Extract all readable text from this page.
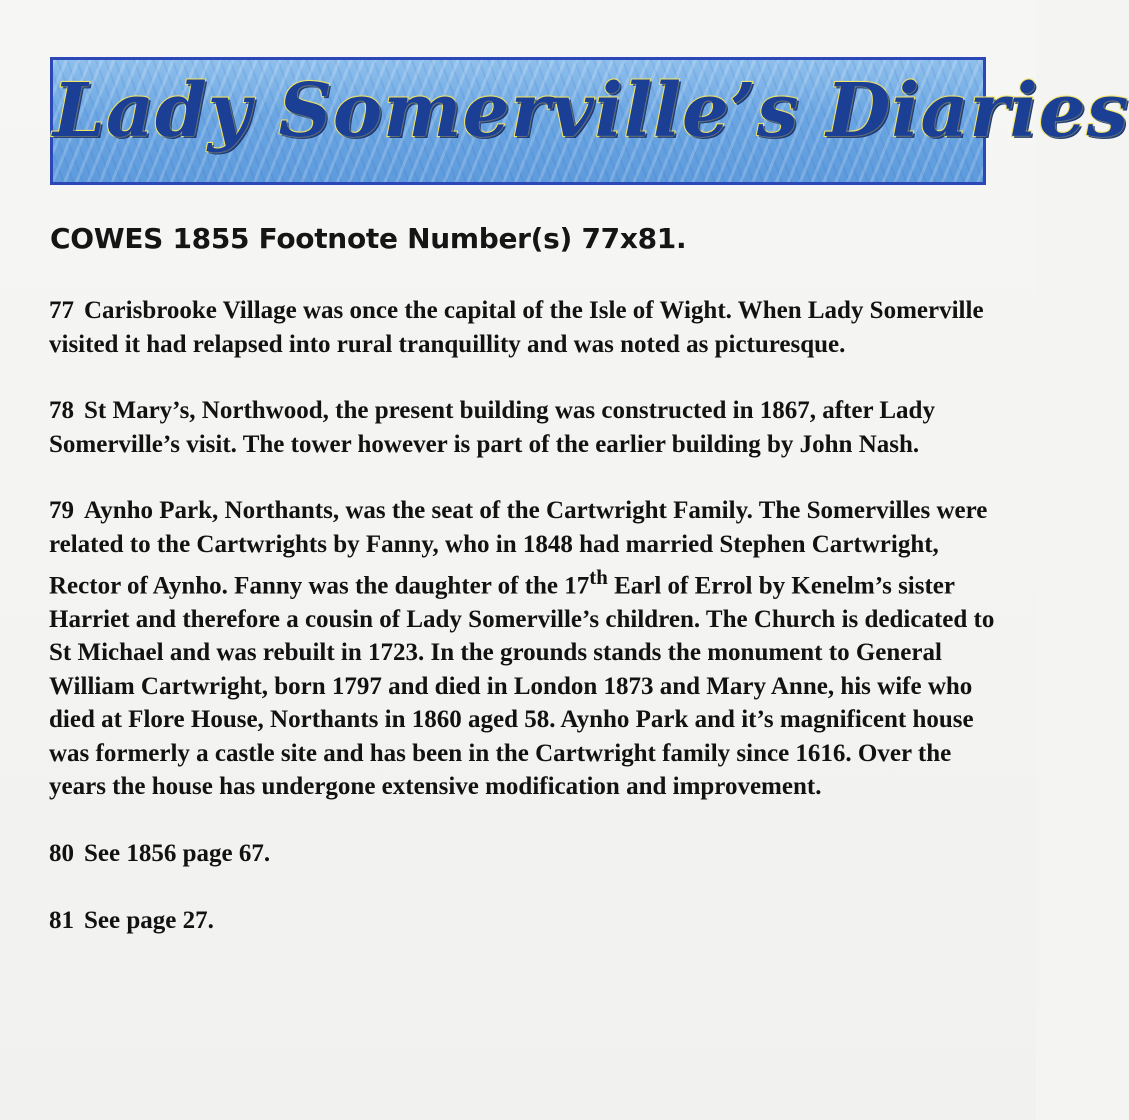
Lady Somerville’s Diaries
COWES 1855 Footnote Number(s) 77x81.

77 Carisbrooke Village was once the capital of the Isle of Wight. When Lady Somerville visited it had relapsed into rural tranquillity and was noted as picturesque.

78 St Mary’s, Northwood, the present building was constructed in 1867, after Lady Somerville’s visit. The tower however is part of the earlier building by John Nash.

79 Aynho Park, Northants, was the seat of the Cartwright Family. The Somervilles were related to the Cartwrights by Fanny, who in 1848 had married Stephen Cartwright, Rector of Aynho. Fanny was the daughter of the 17th Earl of Errol by Kenelm’s sister Harriet and therefore a cousin of Lady Somerville’s children. The Church is dedicated to St Michael and was rebuilt in 1723. In the grounds stands the monument to General William Cartwright, born 1797 and died in London 1873 and Mary Anne, his wife who died at Flore House, Northants in 1860 aged 58. Aynho Park and it’s magnificent house was formerly a castle site and has been in the Cartwright family since 1616. Over the years the house has undergone extensive modification and improvement.

80 See 1856 page 67.

81 See page 27.
